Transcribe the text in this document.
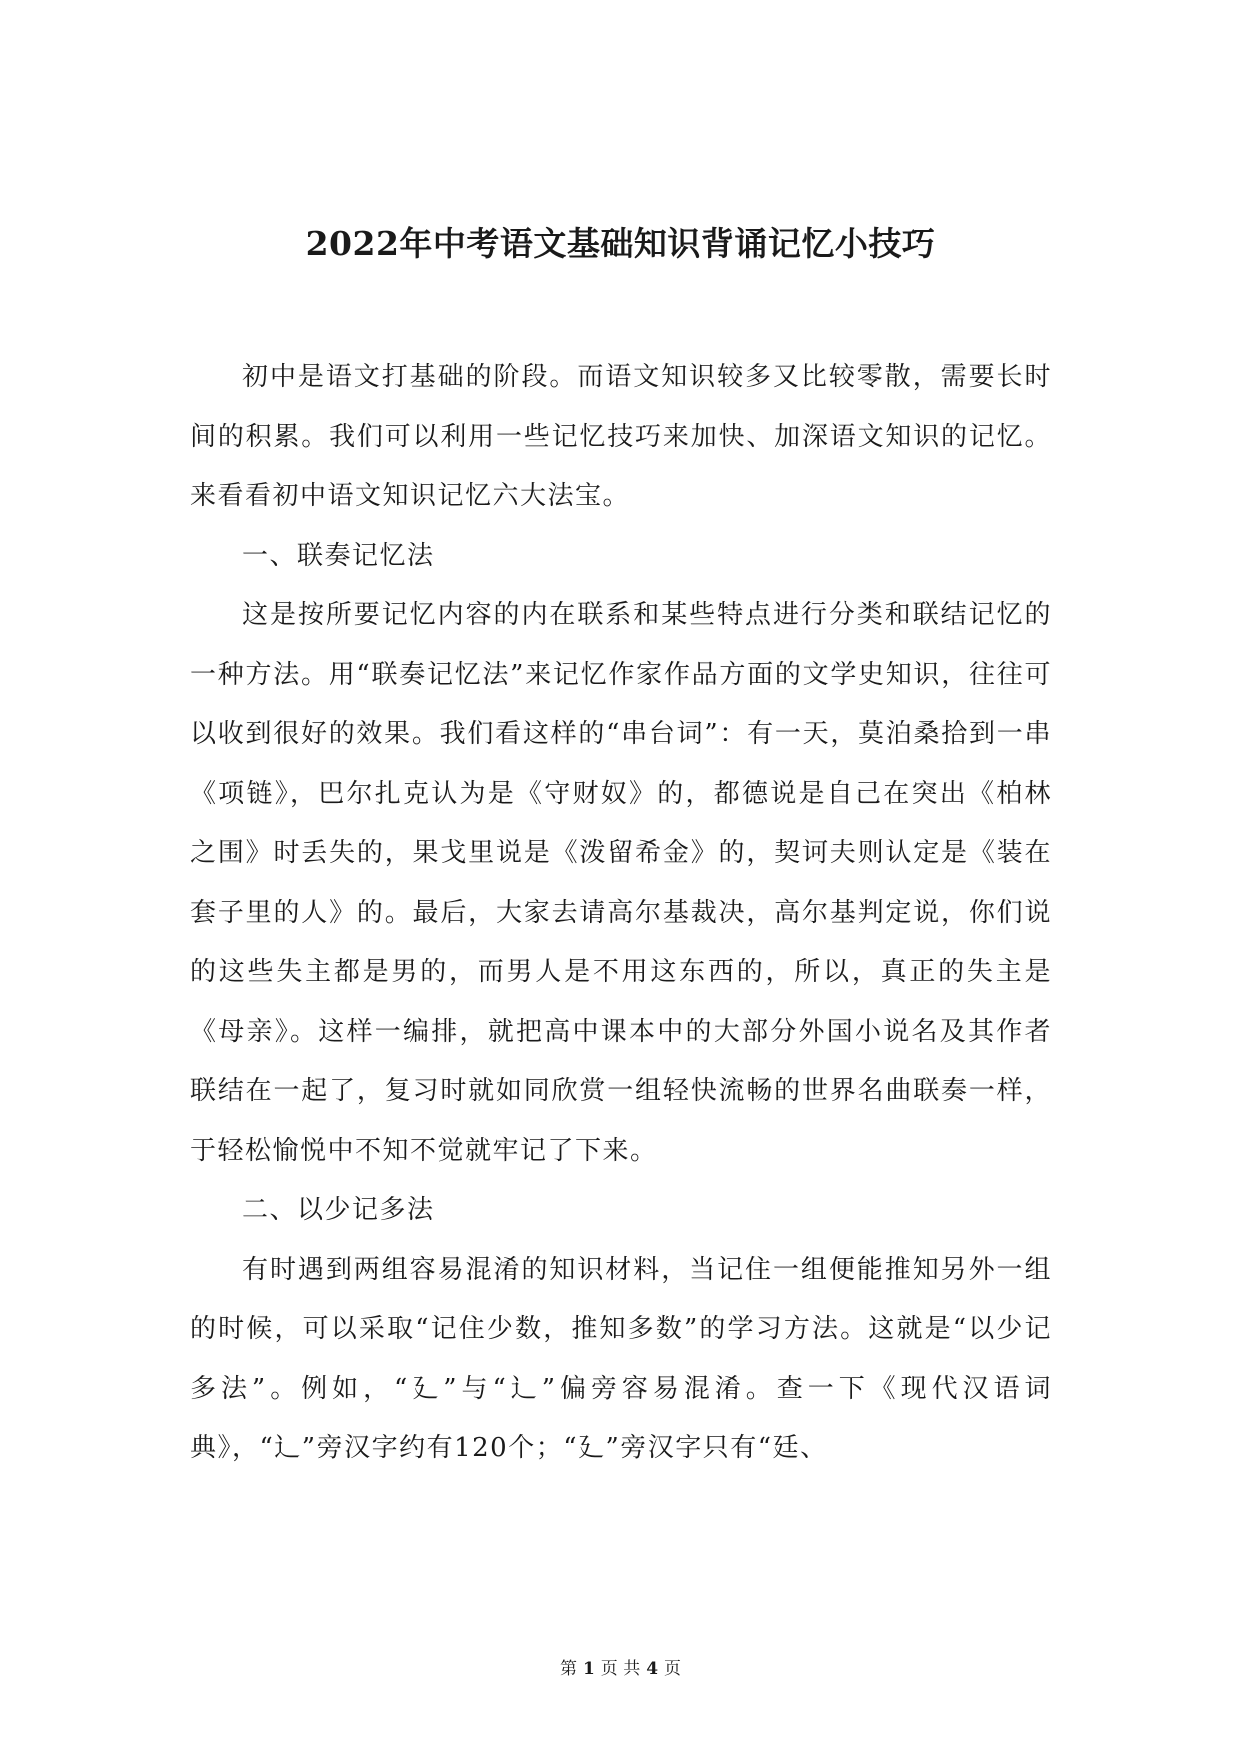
2022年中考语文基础知识背诵记忆小技巧

初中是语文打基础的阶段。而语文知识较多又比较零散，需要长时间的积累。我们可以利用一些记忆技巧来加快、加深语文知识的记忆。来看看初中语文知识记忆六大法宝。

一、联奏记忆法

这是按所要记忆内容的内在联系和某些特点进行分类和联结记忆的一种方法。用“联奏记忆法”来记忆作家作品方面的文学史知识，往往可以收到很好的效果。我们看这样的“串台词”：有一天，莫泊桑拾到一串《项链》，巴尔扎克认为是《守财奴》的，都德说是自己在突出《柏林之围》时丢失的，果戈里说是《泼留希金》的，契诃夫则认定是《装在套子里的人》的。最后，大家去请高尔基裁决，高尔基判定说，你们说的这些失主都是男的，而男人是不用这东西的，所以，真正的失主是《母亲》。这样一编排，就把高中课本中的大部分外国小说名及其作者联结在一起了，复习时就如同欣赏一组轻快流畅的世界名曲联奏一样，于轻松愉悦中不知不觉就牢记了下来。

二、以少记多法

有时遇到两组容易混淆的知识材料，当记住一组便能推知另外一组的时候，可以采取“记住少数，推知多数”的学习方法。这就是“以少记多法”。例如，“廴”与“辶”偏旁容易混淆。查一下《现代汉语词典》，“辶”旁汉字约有120个；“廴”旁汉字只有“廷、

第 1 页 共 4 页
